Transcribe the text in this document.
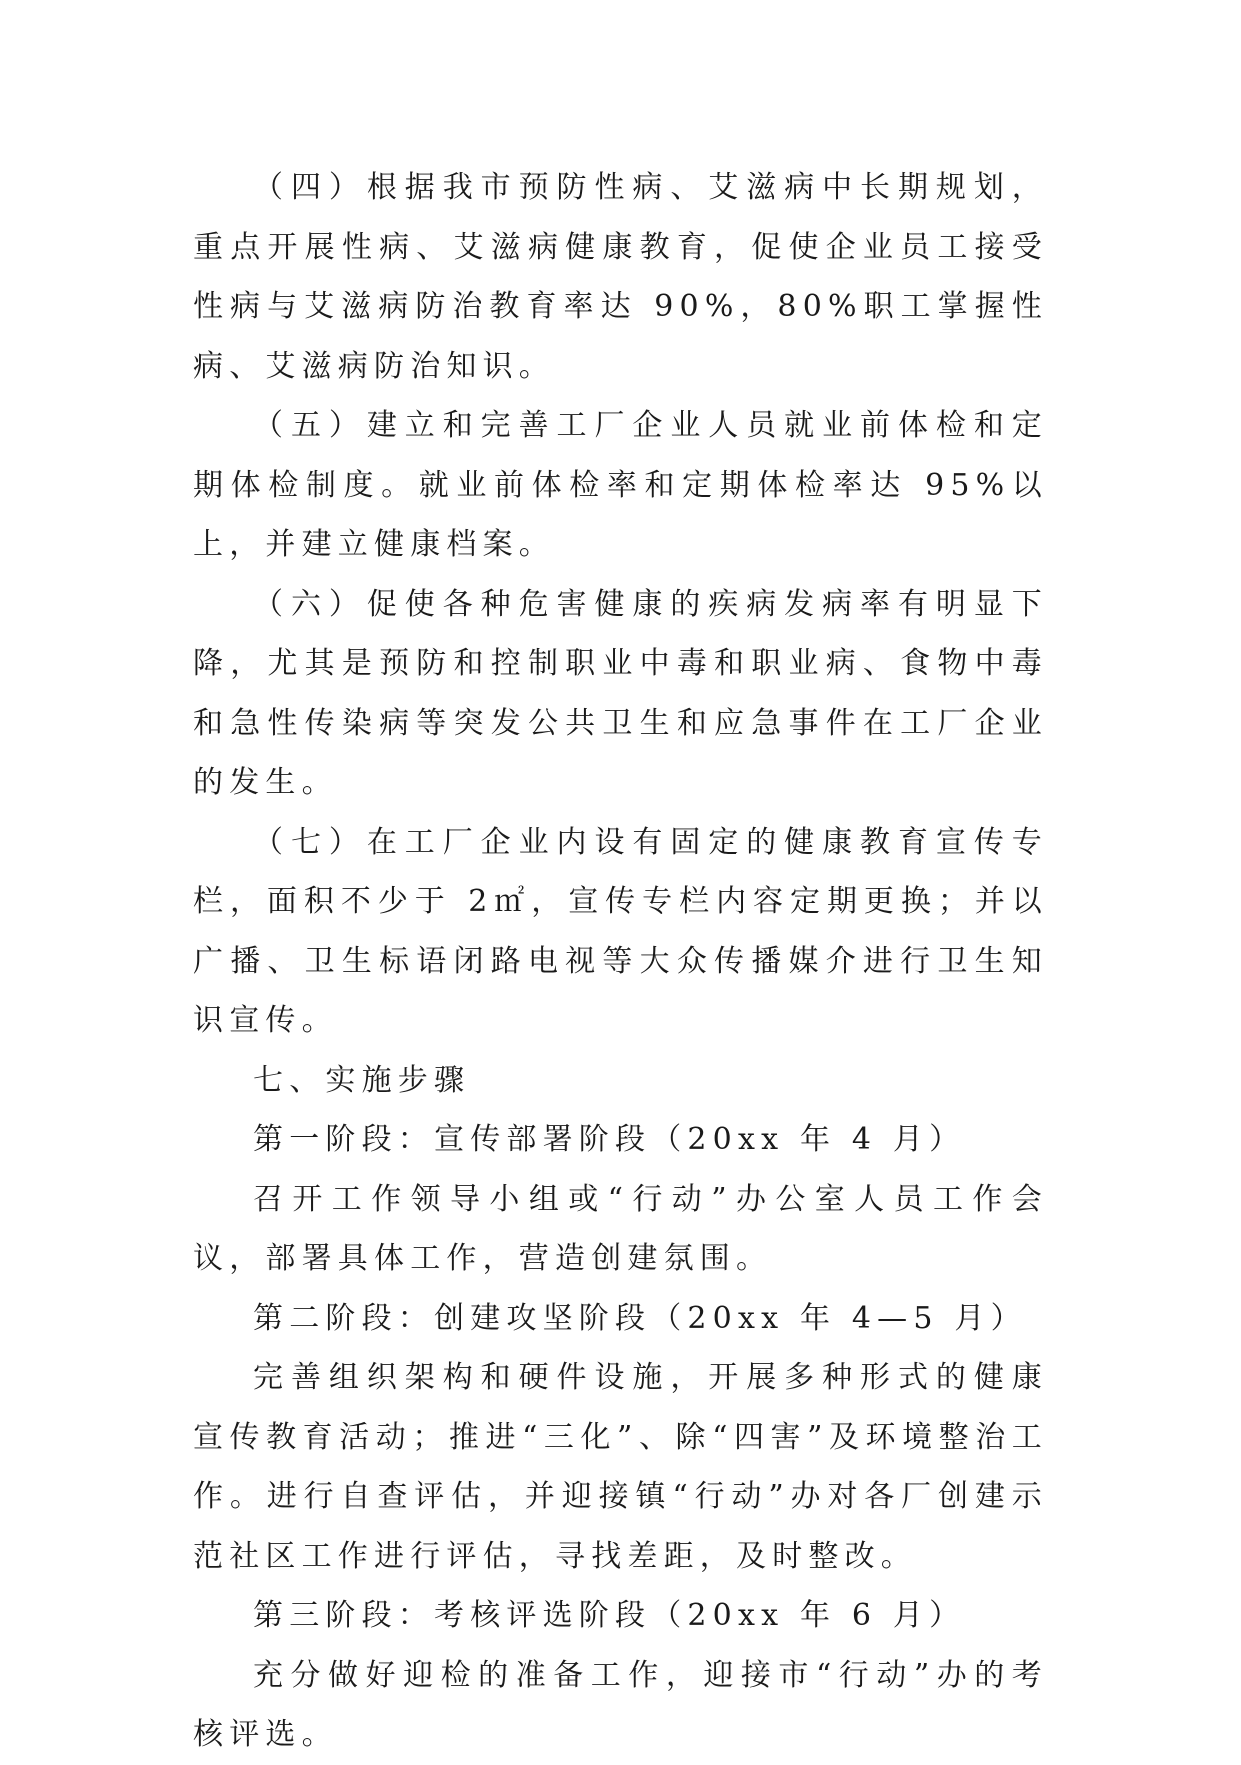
（四）根据我市预防性病、艾滋病中长期规划，重点开展性病、艾滋病健康教育，促使企业员工接受性病与艾滋病防治教育率达 90%，80%职工掌握性病、艾滋病防治知识。

（五）建立和完善工厂企业人员就业前体检和定期体检制度。就业前体检率和定期体检率达 95%以上，并建立健康档案。

（六）促使各种危害健康的疾病发病率有明显下降，尤其是预防和控制职业中毒和职业病、食物中毒和急性传染病等突发公共卫生和应急事件在工厂企业的发生。

（七）在工厂企业内设有固定的健康教育宣传专栏，面积不少于 2㎡，宣传专栏内容定期更换；并以广播、卫生标语闭路电视等大众传播媒介进行卫生知识宣传。

七、实施步骤

第一阶段：宣传部署阶段（20xx 年 4 月）

召开工作领导小组或“行动”办公室人员工作会议，部署具体工作，营造创建氛围。

第二阶段：创建攻坚阶段（20xx 年 4—5 月）

完善组织架构和硬件设施，开展多种形式的健康宣传教育活动；推进“三化”、除“四害”及环境整治工作。进行自查评估，并迎接镇“行动”办对各厂创建示范社区工作进行评估，寻找差距，及时整改。

第三阶段：考核评选阶段（20xx 年 6 月）

充分做好迎检的准备工作，迎接市“行动”办的考核评选。
